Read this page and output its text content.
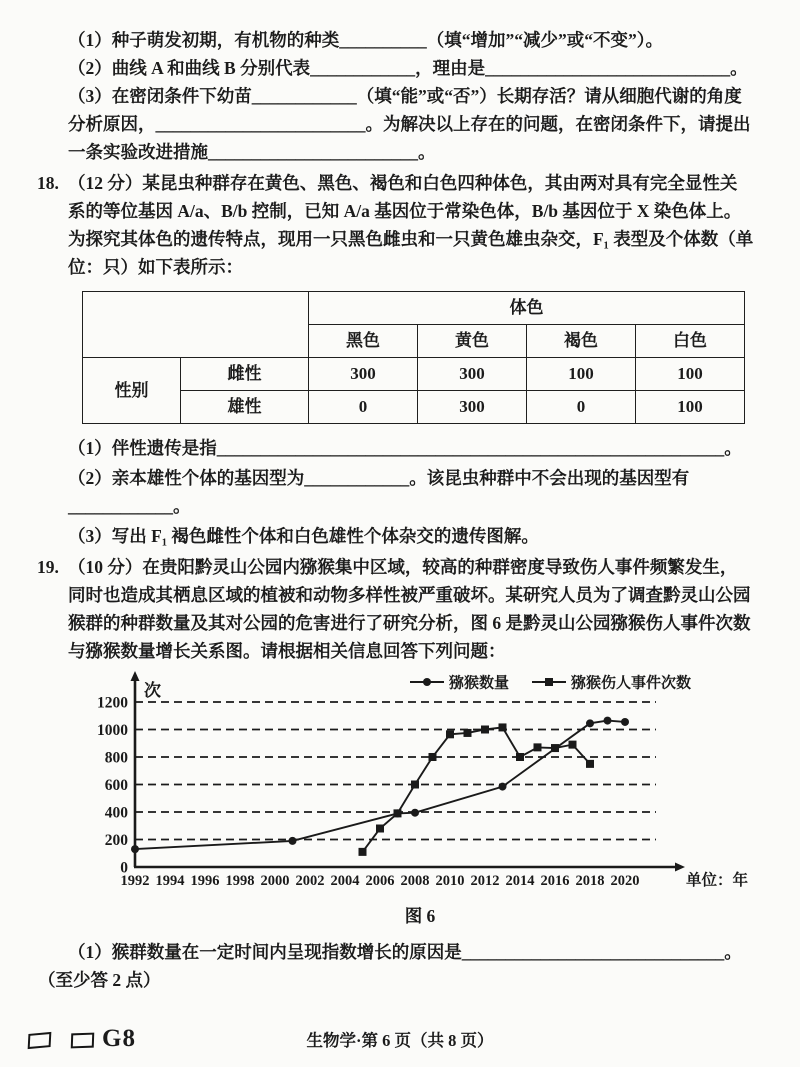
（1）种子萌发初期，有机物的种类__________（填“增加”“减少”或“不变”）。

（2）曲线 A 和曲线 B 分别代表____________，理由是____________________________。

（3）在密闭条件下幼苗____________（填“能”或“否”）长期存活？请从细胞代谢的角度分析原因，________________________。为解决以上存在的问题，在密闭条件下，请提出一条实验改进措施________________________。

18. （12 分）某昆虫种群存在黄色、黑色、褐色和白色四种体色，其由两对具有完全显性关系的等位基因 A/a、B/b 控制，已知 A/a 基因位于常染色体，B/b 基因位于 X 染色体上。为探究其体色的遗传特点，现用一只黑色雌虫和一只黄色雄虫杂交，F₁ 表型及个体数（单位：只）如下表所示：

		体色			
		黑色	黄色	褐色	白色
性别	雌性	300	300	100	100
	雄性	0	300	0	100

（1）伴性遗传是指__________________________________________________________。

（2）亲本雄性个体的基因型为____________。该昆虫种群中不会出现的基因型有____________。

（3）写出 F₁ 褐色雌性个体和白色雄性个体杂交的遗传图解。

19. （10 分）在贵阳黔灵山公园内猕猴集中区域，较高的种群密度导致伤人事件频繁发生，同时也造成其栖息区域的植被和动物多样性被严重破坏。某研究人员为了调查黔灵山公园猴群的种群数量及其对公园的危害进行了研究分析，图 6 是黔灵山公园猕猴伤人事件次数与猕猴数量增长关系图。请根据相关信息回答下列问题：

0
200
400
600
800
1000
1200
次
单位：年
1992 1994 1996 1998 2000 2002 2004 2006 2008 2010 2012 2014 2016 2018 2020
猕猴数量	猕猴伤人事件次数
图 6

（1）猴群数量在一定时间内呈现指数增长的原因是______________________________。

（至少答 2 点）

G8	生物学·第 6 页（共 8 页）
